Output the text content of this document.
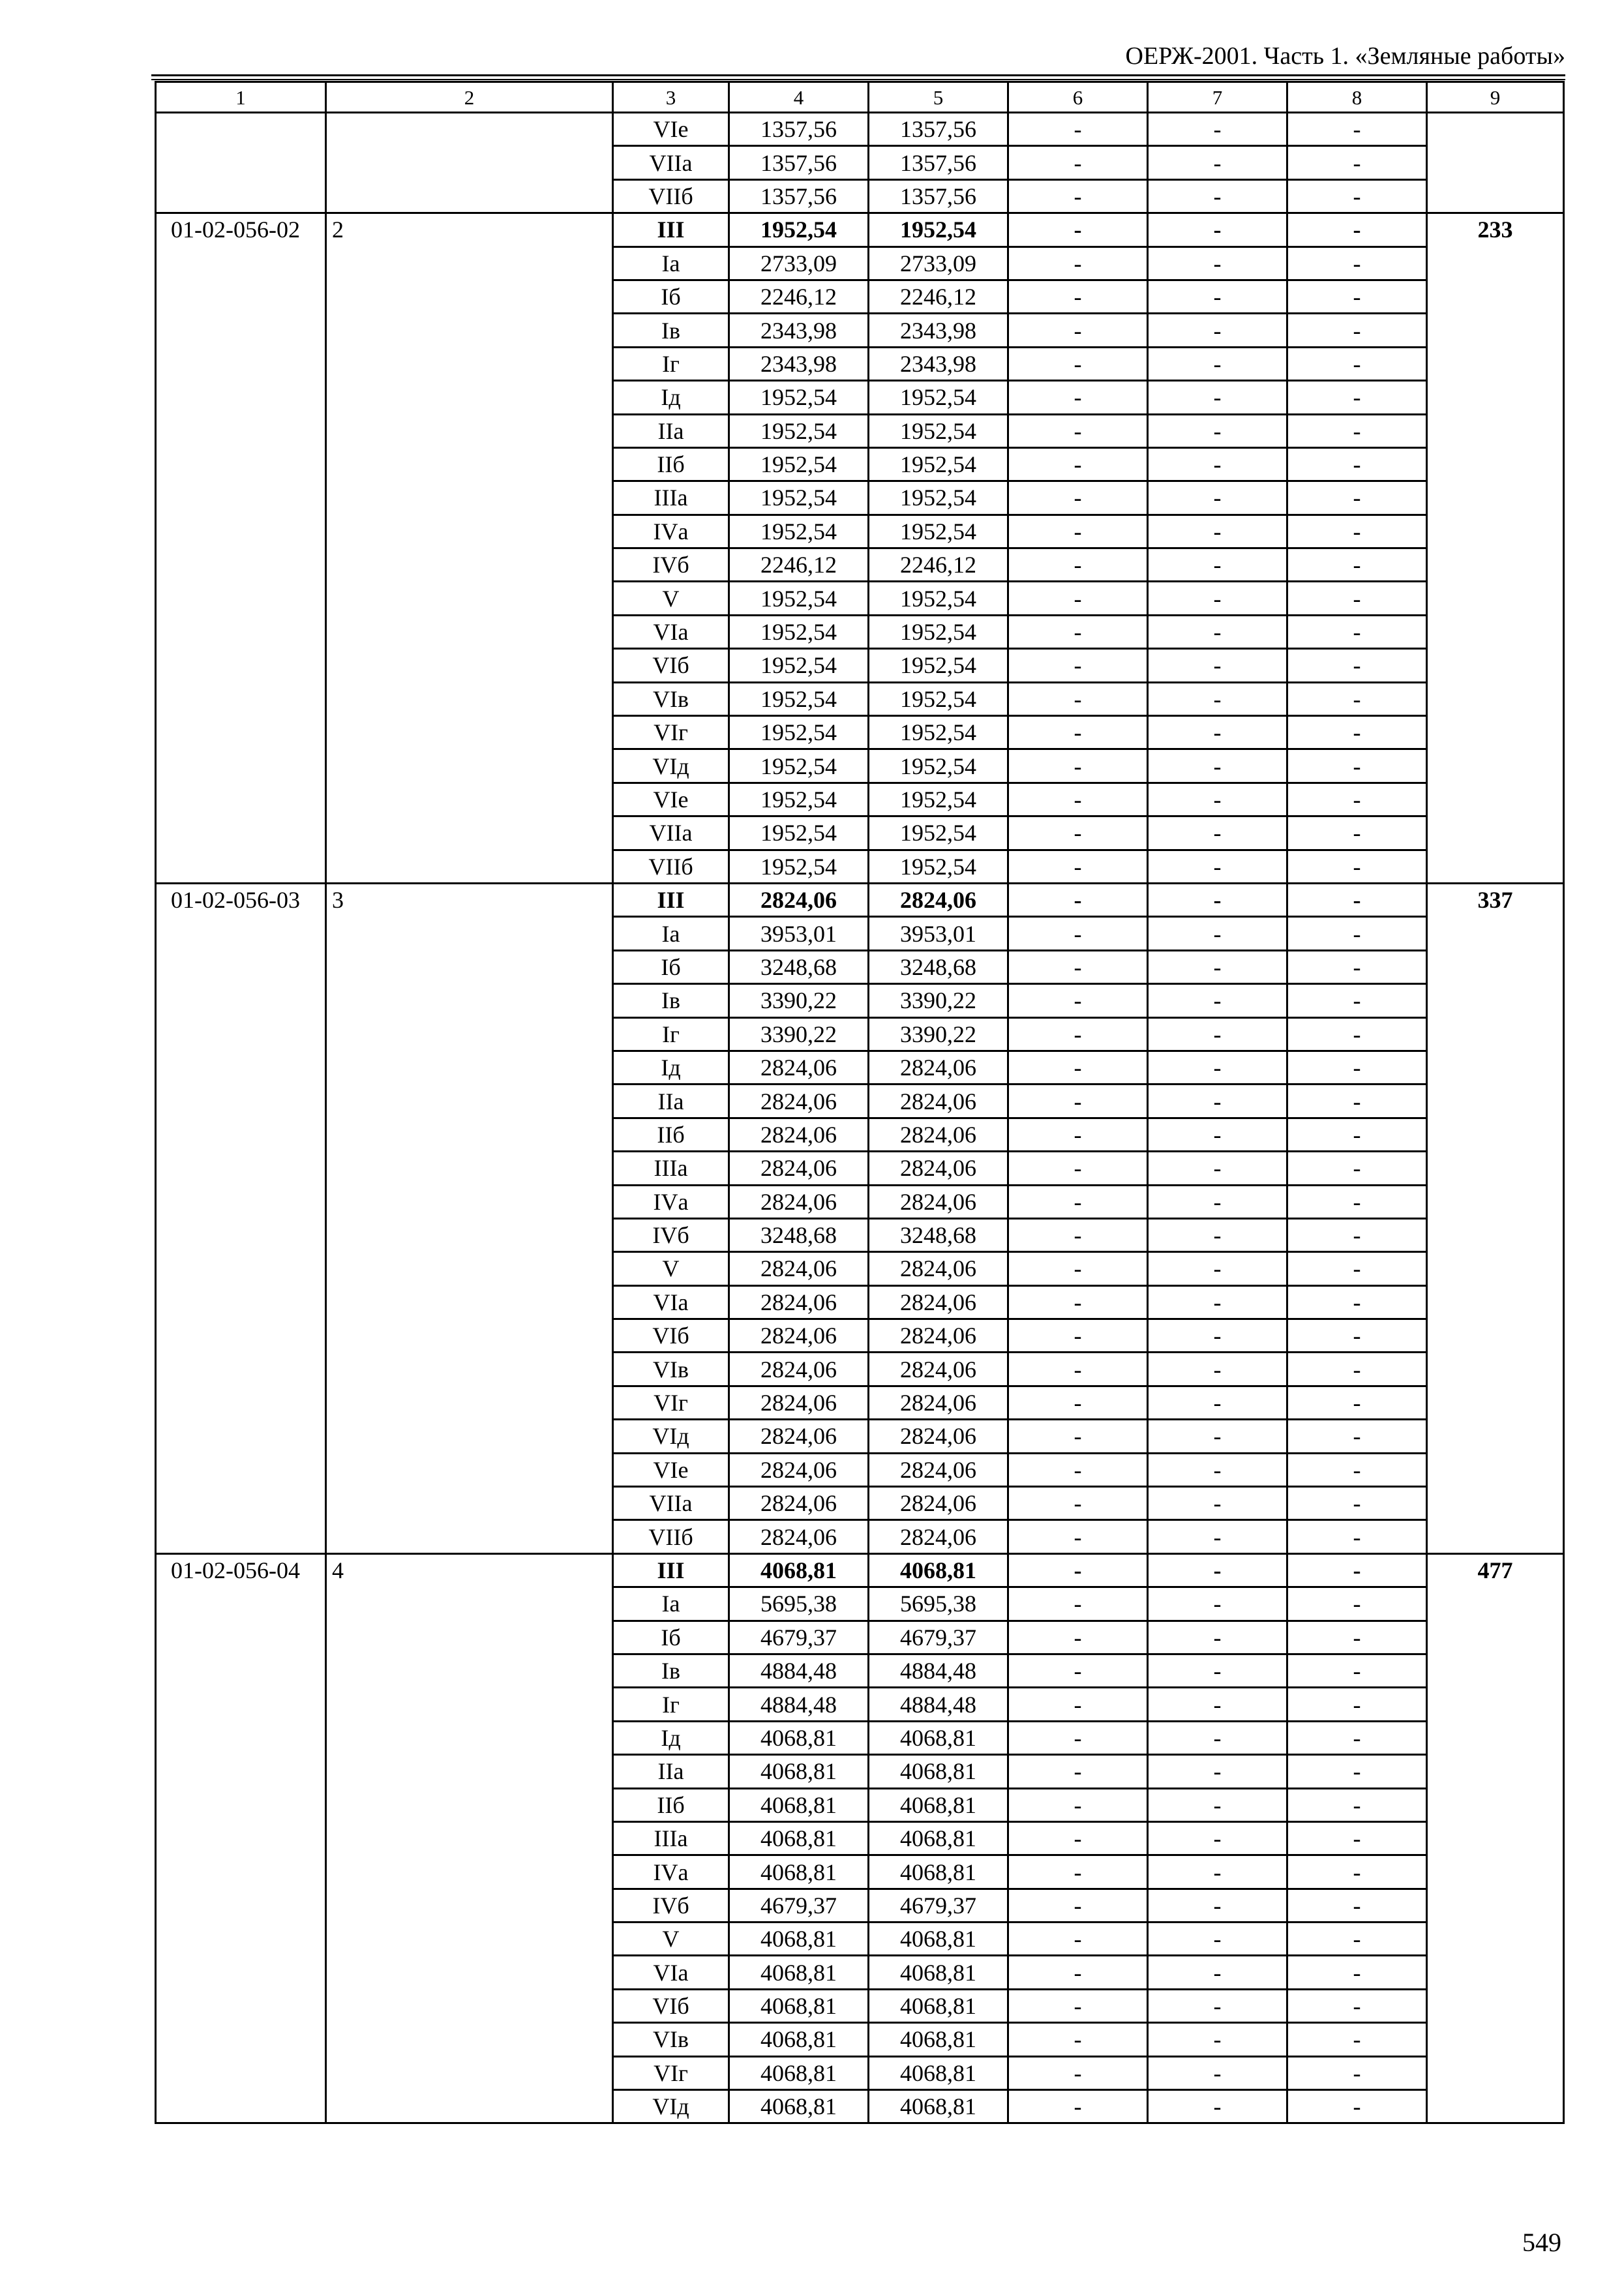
ОЕРЖ-2001. Часть 1. «Земляные работы»
1	2	3	4	5	6	7	8	9
		VIе	1357,56	1357,56	-	-	-	
		VIIа	1357,56	1357,56	-	-	-	
		VIIб	1357,56	1357,56	-	-	-	
01-02-056-02	2	III	1952,54	1952,54	-	-	-	233
		Iа	2733,09	2733,09	-	-	-	
		Iб	2246,12	2246,12	-	-	-	
		Iв	2343,98	2343,98	-	-	-	
		Iг	2343,98	2343,98	-	-	-	
		Iд	1952,54	1952,54	-	-	-	
		IIа	1952,54	1952,54	-	-	-	
		IIб	1952,54	1952,54	-	-	-	
		IIIа	1952,54	1952,54	-	-	-	
		IVа	1952,54	1952,54	-	-	-	
		IVб	2246,12	2246,12	-	-	-	
		V	1952,54	1952,54	-	-	-	
		VIа	1952,54	1952,54	-	-	-	
		VIб	1952,54	1952,54	-	-	-	
		VIв	1952,54	1952,54	-	-	-	
		VIг	1952,54	1952,54	-	-	-	
		VIд	1952,54	1952,54	-	-	-	
		VIе	1952,54	1952,54	-	-	-	
		VIIа	1952,54	1952,54	-	-	-	
		VIIб	1952,54	1952,54	-	-	-	
01-02-056-03	3	III	2824,06	2824,06	-	-	-	337
		Iа	3953,01	3953,01	-	-	-	
		Iб	3248,68	3248,68	-	-	-	
		Iв	3390,22	3390,22	-	-	-	
		Iг	3390,22	3390,22	-	-	-	
		Iд	2824,06	2824,06	-	-	-	
		IIа	2824,06	2824,06	-	-	-	
		IIб	2824,06	2824,06	-	-	-	
		IIIа	2824,06	2824,06	-	-	-	
		IVа	2824,06	2824,06	-	-	-	
		IVб	3248,68	3248,68	-	-	-	
		V	2824,06	2824,06	-	-	-	
		VIа	2824,06	2824,06	-	-	-	
		VIб	2824,06	2824,06	-	-	-	
		VIв	2824,06	2824,06	-	-	-	
		VIг	2824,06	2824,06	-	-	-	
		VIд	2824,06	2824,06	-	-	-	
		VIе	2824,06	2824,06	-	-	-	
		VIIа	2824,06	2824,06	-	-	-	
		VIIб	2824,06	2824,06	-	-	-	
01-02-056-04	4	III	4068,81	4068,81	-	-	-	477
		Iа	5695,38	5695,38	-	-	-	
		Iб	4679,37	4679,37	-	-	-	
		Iв	4884,48	4884,48	-	-	-	
		Iг	4884,48	4884,48	-	-	-	
		Iд	4068,81	4068,81	-	-	-	
		IIа	4068,81	4068,81	-	-	-	
		IIб	4068,81	4068,81	-	-	-	
		IIIа	4068,81	4068,81	-	-	-	
		IVа	4068,81	4068,81	-	-	-	
		IVб	4679,37	4679,37	-	-	-	
		V	4068,81	4068,81	-	-	-	
		VIа	4068,81	4068,81	-	-	-	
		VIб	4068,81	4068,81	-	-	-	
		VIв	4068,81	4068,81	-	-	-	
		VIг	4068,81	4068,81	-	-	-	
		VIд	4068,81	4068,81	-	-	-	
549
